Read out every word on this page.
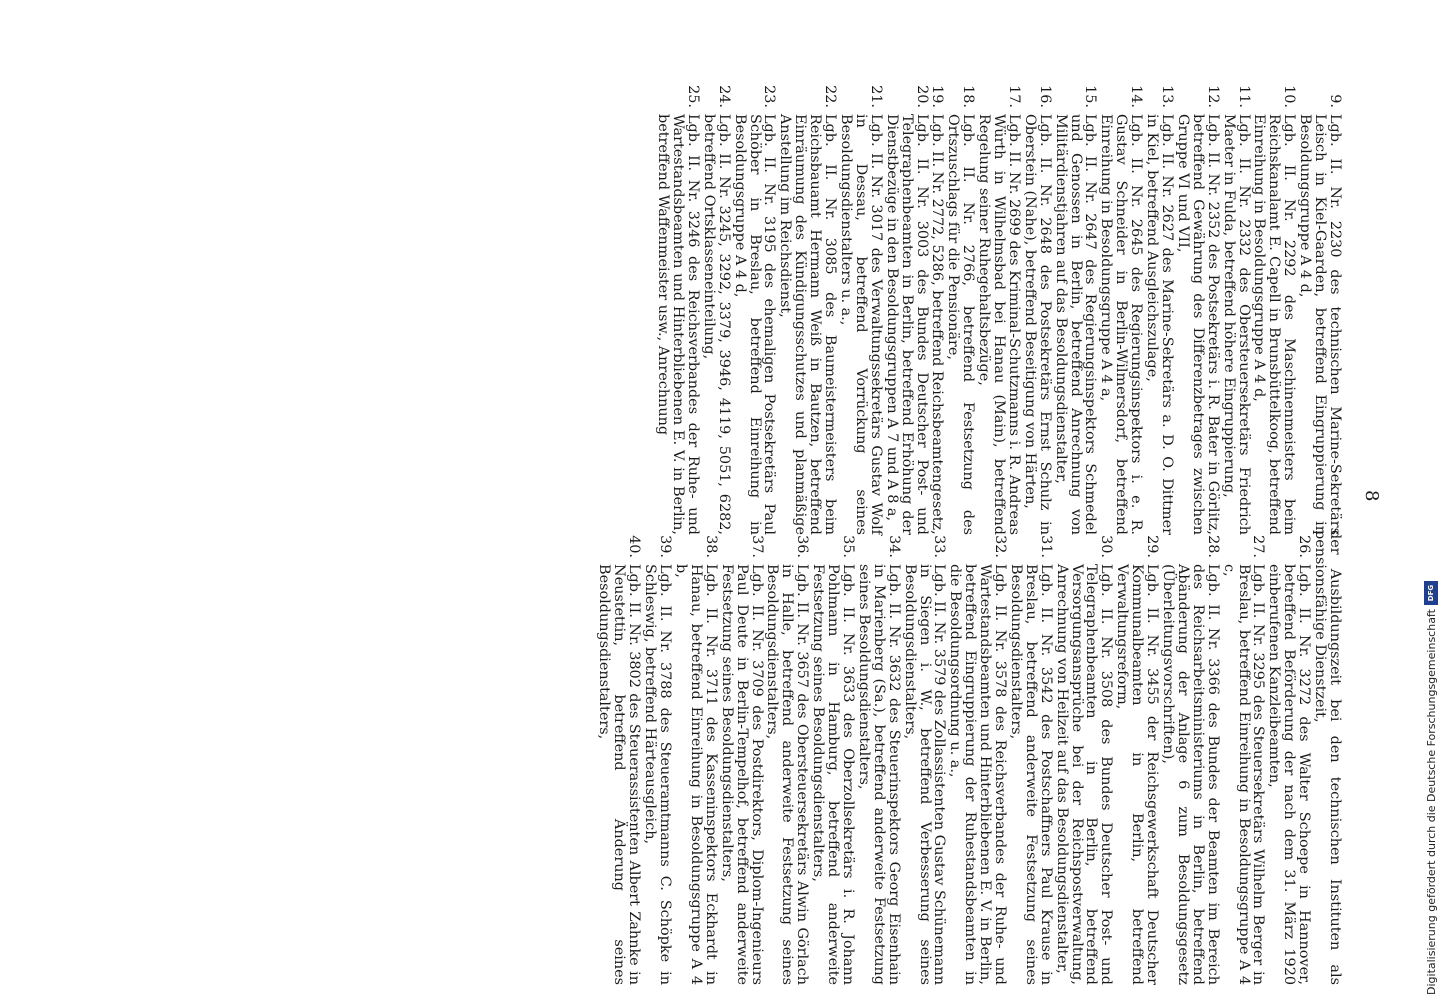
8
9.
Lgb. II. Nr. 2230 des technischen Marine-Sekretärs Leisch in Kiel-Gaarden, betreffend Eingruppierung in Besoldungsgruppe A 4 d,
10.
Lgb. II. Nr. 2292 des Maschinenmeisters beim Reichskanalamt E. Capell in Brunsbüttelkoog, betreffend Einreihung in Besoldungsgruppe A 4 d,
11.
Lgb. II. Nr. 2332 des Obersteuersekretärs Friedrich Maeter in Fulda, betreffend höhere Eingruppierung,
12.
Lgb. II. Nr. 2352 des Postsekretärs i. R. Bater in Görlitz, betreffend Gewährung des Differenzbetrages zwischen Gruppe VI und VII,
13.
Lgb. II. Nr. 2627 des Marine-Sekretärs a. D. O. Dittmer in Kiel, betreffend Ausgleichszulage,
14.
Lgb. II. Nr. 2645 des Regierungsinspektors i. e. R. Gustav Schneider in Berlin-Wilmersdorf, betreffend Einreihung in Besoldungsgruppe A 4 a,
15.
Lgb. II. Nr. 2647 des Regierungsinspektors Schmedel und Genossen in Berlin, betreffend Anrechnung von Militärdienstjahren auf das Besoldungsdienstalter,
16.
Lgb. II. Nr. 2648 des Postsekretärs Ernst Schulz in Oberstein (Nahe), betreffend Beseitigung von Härten,
17.
Lgb. II. Nr. 2699 des Kriminal-Schutzmanns i. R. Andreas Würth in Wilhelmsbad bei Hanau (Main), betreffend Regelung seiner Ruhegehaltsbezüge,
18.
Lgb. II. Nr. 2766, betreffend Festsetzung des Ortszuschlags für die Pensionäre,
19.
Lgb. II. Nr. 2772, 5286, betreffend Reichsbeamtengesetz,
20.
Lgb. II. Nr. 3003 des Bundes Deutscher Post- und Telegraphenbeamten in Berlin, betreffend Erhöhung der Dienstbezüge in den Besoldungsgruppen A 7 und A 8 a,
21.
Lgb. II. Nr. 3017 des Verwaltungssekretärs Gustav Wolf in Dessau, betreffend Vorrückung seines Besoldungsdienstalters u. a.,
22.
Lgb. II. Nr. 3085 des Baumeistermeisters beim Reichsbauamt Hermann Weiß in Bautzen, betreffend Einräumung des Kündigungsschutzes und planmäßige Anstellung im Reichsdienst,
23.
Lgb. II. Nr. 3195 des ehemaligen Postsekretärs Paul Schöber in Breslau, betreffend Einreihung in Besoldungsgruppe A 4 d,
24.
Lgb. II. Nr. 3245, 3292, 3379, 3946, 4119, 5051, 6282, betreffend Ortsklasseneinteilung,
25.
Lgb. II. Nr. 3246 des Reichsverbandes der Ruhe- und Wartestandsbeamten und Hinterbliebenen E. V. in Berlin, betreffend Waffenmeister usw., Anrechnung
der Ausbildungszeit bei den technischen Instituten als pensionsfähige Dienstzeit,
26.
Lgb. II. Nr. 3272 des Walter Schoepe in Hannover, betreffend Beförderung der nach dem 31. März 1920 einberufenen Kanzleibeamten,
27.
Lgb. II. Nr. 3295 des Steuersekretärs Wilhelm Berger in Breslau, betreffend Einreihung in Besoldungsgruppe A 4 c,
28.
Lgb. II. Nr. 3366 des Bundes der Beamten im Bereich des Reichsarbeitsministeriums in Berlin, betreffend Abänderung der Anlage 6 zum Besoldungsgesetz (Überleitungsvorschriften),
29.
Lgb. II. Nr. 3455 der Reichsgewerkschaft Deutscher Kommunalbeamten in Berlin, betreffend Verwaltungsreform,
30.
Lgb. II. Nr. 3508 des Bundes Deutscher Post- und Telegraphenbeamten in Berlin, betreffend Versorgungsansprüche bei der Reichspostverwaltung, Anrechnung von Heilzeit auf das Besoldungsdienstalter,
31.
Lgb. II. Nr. 3542 des Postschaffners Paul Krause in Breslau, betreffend anderweite Festsetzung seines Besoldungsdienstalters,
32.
Lgb. II. Nr. 3578 des Reichsverbandes der Ruhe- und Wartestandsbeamten und Hinterbliebenen E. V. in Berlin, betreffend Eingruppierung der Ruhestandsbeamten in die Besoldungsordnung u. a.,
33.
Lgb. II. Nr. 3579 des Zollassistenten Gustav Schünemann in Siegen i. W., betreffend Verbesserung seines Besoldungsdienstalters,
34.
Lgb. II. Nr. 3632 des Steuerinspektors Georg Eisenhain in Marienberg (Sa.), betreffend anderweite Festsetzung seines Besoldungsdienstalters,
35.
Lgb. II. Nr. 3633 des Oberzollsekretärs i. R. Johann Pohlmann in Hamburg, betreffend anderweite Festsetzung seines Besoldungsdienstalters,
36.
Lgb. II. Nr. 3657 des Obersteuersekretärs Alwin Görlach in Halle, betreffend anderweite Festsetzung seines Besoldungsdienstalters,
37.
Lgb. II. Nr. 3709 des Postdirektors, Diplom-Ingenieurs Paul Deute in Berlin-Tempelhof, betreffend anderweite Festsetzung seines Besoldungsdienstalters,
38.
Lgb. II. Nr. 3711 des Kasseninspektors Eckhardt in Hanau, betreffend Einreihung in Besoldungsgruppe A 4 b,
39.
Lgb. II. Nr. 3788 des Steueramtmanns C. Schöpke in Schleswig, betreffend Härteausgleich,
40.
Lgb. II. Nr. 3802 des Steuerassistenten Albert Zahnke in Neustettin, betreffend Änderung seines Besoldungsdienstalters,	Digitalisierung gefördert durch die Deutsche Forschungsgemeinschaft
DFG
